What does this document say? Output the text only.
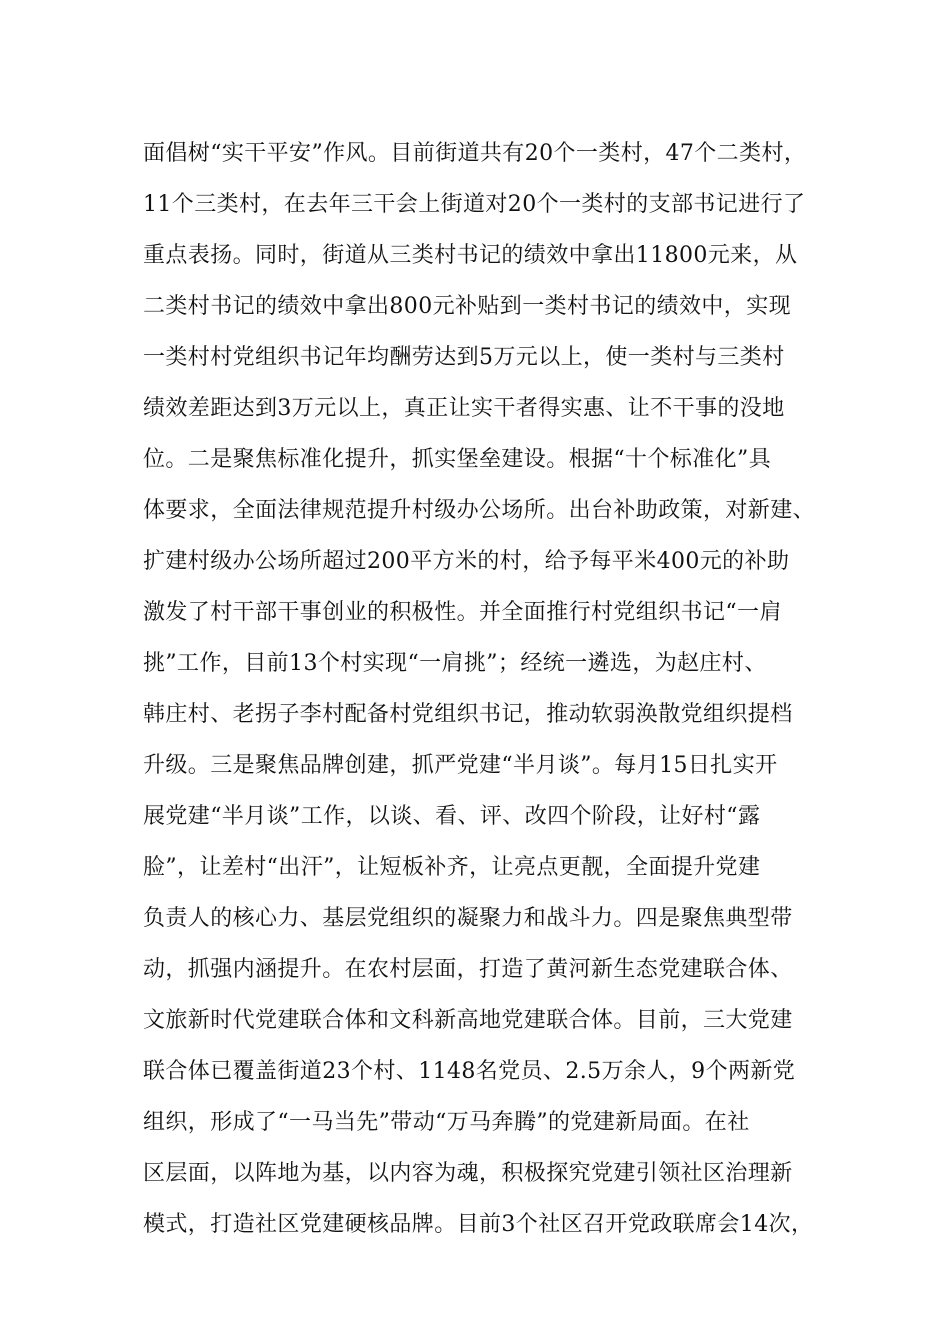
面倡树“实干平安”作风。目前街道共有20个一类村，47个二类村，
11个三类村，在去年三干会上街道对20个一类村的支部书记进行了
重点表扬。同时，街道从三类村书记的绩效中拿出11800元来，从
二类村书记的绩效中拿出800元补贴到一类村书记的绩效中，实现
一类村村党组织书记年均酬劳达到5万元以上，使一类村与三类村
绩效差距达到3万元以上，真正让实干者得实惠、让不干事的没地
位。二是聚焦标准化提升，抓实堡垒建设。根据“十个标准化”具
体要求，全面法律规范提升村级办公场所。出台补助政策，对新建、
扩建村级办公场所超过200平方米的村，给予每平米400元的补助
激发了村干部干事创业的积极性。并全面推行村党组织书记“一肩
挑”工作，目前13个村实现“一肩挑”；经统一遴选，为赵庄村、
韩庄村、老拐子李村配备村党组织书记，推动软弱涣散党组织提档
升级。三是聚焦品牌创建，抓严党建“半月谈”。每月15日扎实开
展党建“半月谈”工作，以谈、看、评、改四个阶段，让好村“露
脸”，让差村“出汗”，让短板补齐，让亮点更靓，全面提升党建
负责人的核心力、基层党组织的凝聚力和战斗力。四是聚焦典型带
动，抓强内涵提升。在农村层面，打造了黄河新生态党建联合体、
文旅新时代党建联合体和文科新高地党建联合体。目前，三大党建
联合体已覆盖街道23个村、1148名党员、2.5万余人，9个两新党
组织，形成了“一马当先”带动“万马奔腾”的党建新局面。在社
区层面，以阵地为基，以内容为魂，积极探究党建引领社区治理新
模式，打造社区党建硬核品牌。目前3个社区召开党政联席会14次，
